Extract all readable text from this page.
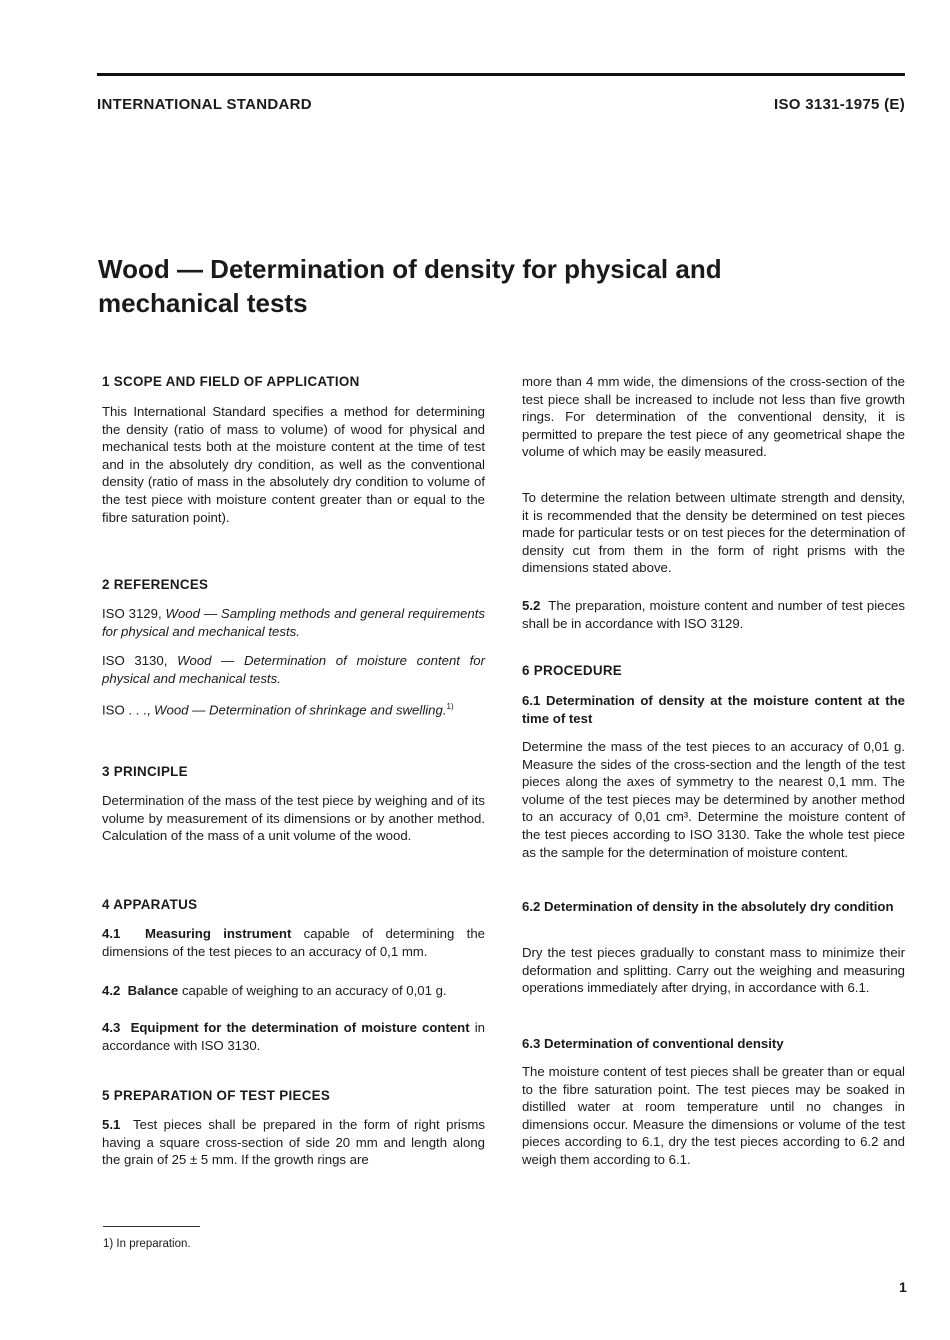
INTERNATIONAL STANDARD	ISO 3131-1975 (E)
Wood — Determination of density for physical and
mechanical tests
1 SCOPE AND FIELD OF APPLICATION
This International Standard specifies a method for determining the density (ratio of mass to volume) of wood for physical and mechanical tests both at the moisture content at the time of test and in the absolutely dry condition, as well as the conventional density (ratio of mass in the absolutely dry condition to volume of the test piece with moisture content greater than or equal to the fibre saturation point).
2 REFERENCES
ISO 3129, Wood — Sampling methods and general requirements for physical and mechanical tests.
ISO 3130, Wood — Determination of moisture content for physical and mechanical tests.
ISO . . ., Wood — Determination of shrinkage and swelling.$^{1)}$
3 PRINCIPLE
Determination of the mass of the test piece by weighing and of its volume by measurement of its dimensions or by another method. Calculation of the mass of a unit volume of the wood.
4 APPARATUS
4.1 Measuring instrument capable of determining the dimensions of the test pieces to an accuracy of 0,1 mm.
4.2 Balance capable of weighing to an accuracy of 0,01 g.
4.3 Equipment for the determination of moisture content in accordance with ISO 3130.
5 PREPARATION OF TEST PIECES
5.1 Test pieces shall be prepared in the form of right prisms having a square cross-section of side 20 mm and length along the grain of 25 ± 5 mm. If the growth rings are
1) In preparation.
more than 4 mm wide, the dimensions of the cross-section of the test piece shall be increased to include not less than five growth rings. For determination of the conventional density, it is permitted to prepare the test piece of any geometrical shape the volume of which may be easily measured.
To determine the relation between ultimate strength and density, it is recommended that the density be determined on test pieces made for particular tests or on test pieces for the determination of density cut from them in the form of right prisms with the dimensions stated above.
5.2 The preparation, moisture content and number of test pieces shall be in accordance with ISO 3129.
6 PROCEDURE
6.1 Determination of density at the moisture content at the time of test
Determine the mass of the test pieces to an accuracy of 0,01 g. Measure the sides of the cross-section and the length of the test pieces along the axes of symmetry to the nearest 0,1 mm. The volume of the test pieces may be determined by another method to an accuracy of 0,01 cm³. Determine the moisture content of the test pieces according to ISO 3130. Take the whole test piece as the sample for the determination of moisture content.
6.2 Determination of density in the absolutely dry condition
Dry the test pieces gradually to constant mass to minimize their deformation and splitting. Carry out the weighing and measuring operations immediately after drying, in accordance with 6.1.
6.3 Determination of conventional density
The moisture content of test pieces shall be greater than or equal to the fibre saturation point. The test pieces may be soaked in distilled water at room temperature until no changes in dimensions occur. Measure the dimensions or volume of the test pieces according to 6.1, dry the test pieces according to 6.2 and weigh them according to 6.1.
1
